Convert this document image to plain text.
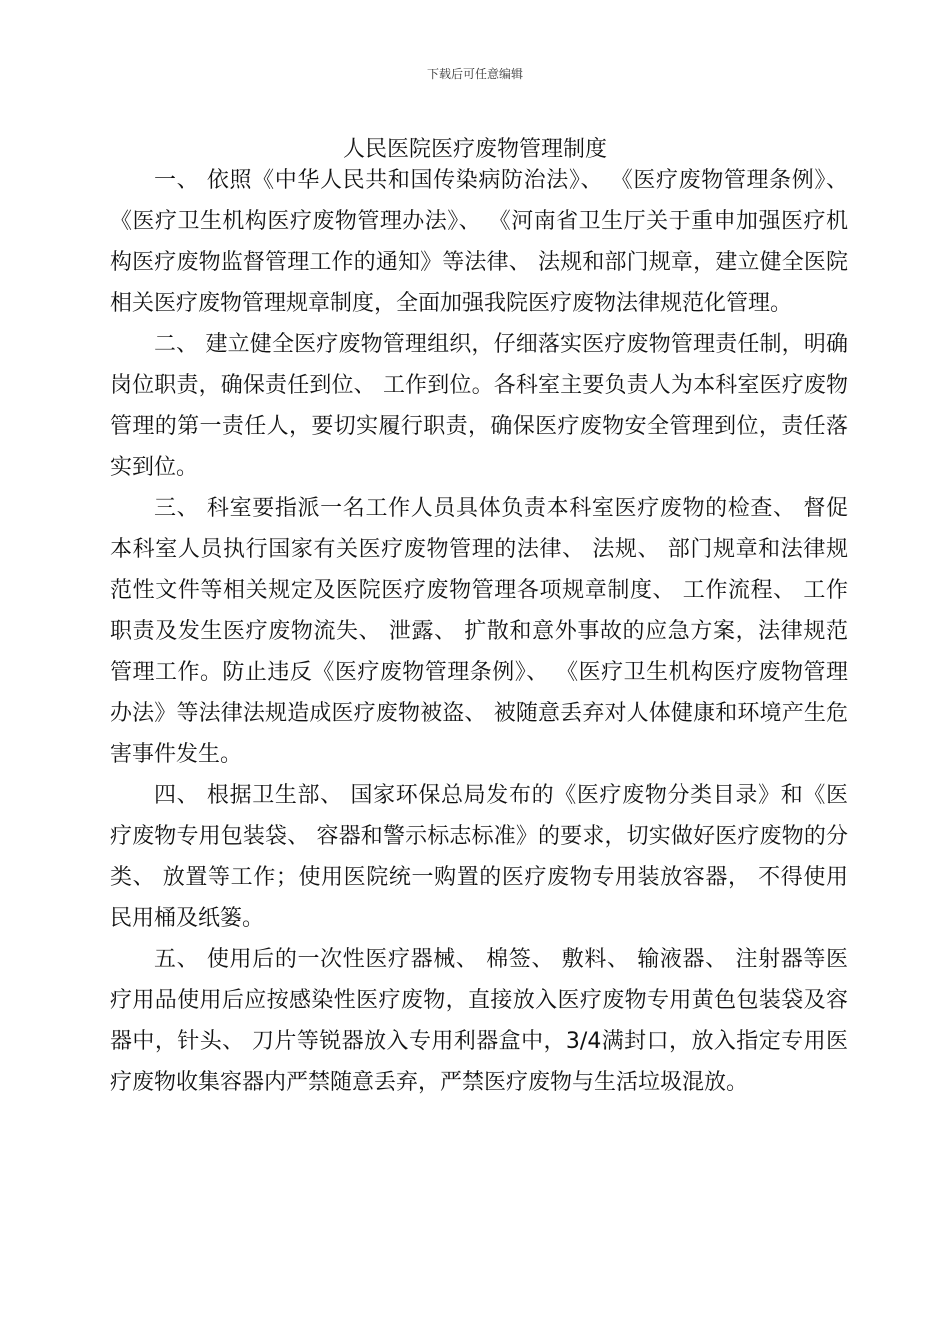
下载后可任意编辑
人民医院医疗废物管理制度

一、 依照《中华人民共和国传染病防治法》、 《医疗废物管理条例》、 《医疗卫生机构医疗废物管理办法》、 《河南省卫生厅关于重申加强医疗机构医疗废物监督管理工作的通知》等法律、 法规和部门规章，建立健全医院相关医疗废物管理规章制度，全面加强我院医疗废物法律规范化管理。

二、 建立健全医疗废物管理组织，仔细落实医疗废物管理责任制，明确岗位职责，确保责任到位、 工作到位。各科室主要负责人为本科室医疗废物管理的第一责任人，要切实履行职责，确保医疗废物安全管理到位，责任落实到位。

三、 科室要指派一名工作人员具体负责本科室医疗废物的检查、 督促本科室人员执行国家有关医疗废物管理的法律、 法规、 部门规章和法律规范性文件等相关规定及医院医疗废物管理各项规章制度、 工作流程、 工作职责及发生医疗废物流失、 泄露、 扩散和意外事故的应急方案，法律规范管理工作。防止违反《医疗废物管理条例》、 《医疗卫生机构医疗废物管理办法》等法律法规造成医疗废物被盗、 被随意丢弃对人体健康和环境产生危害事件发生。

四、 根据卫生部、 国家环保总局发布的《医疗废物分类目录》和《医疗废物专用包装袋、 容器和警示标志标准》的要求，切实做好医疗废物的分类、 放置等工作；使用医院统一购置的医疗废物专用装放容器， 不得使用民用桶及纸篓。

五、 使用后的一次性医疗器械、 棉签、 敷料、 输液器、 注射器等医疗用品使用后应按感染性医疗废物，直接放入医疗废物专用黄色包装袋及容器中，针头、 刀片等锐器放入专用利器盒中，3/4满封口，放入指定专用医疗废物收集容器内严禁随意丢弃，严禁医疗废物与生活垃圾混放。
